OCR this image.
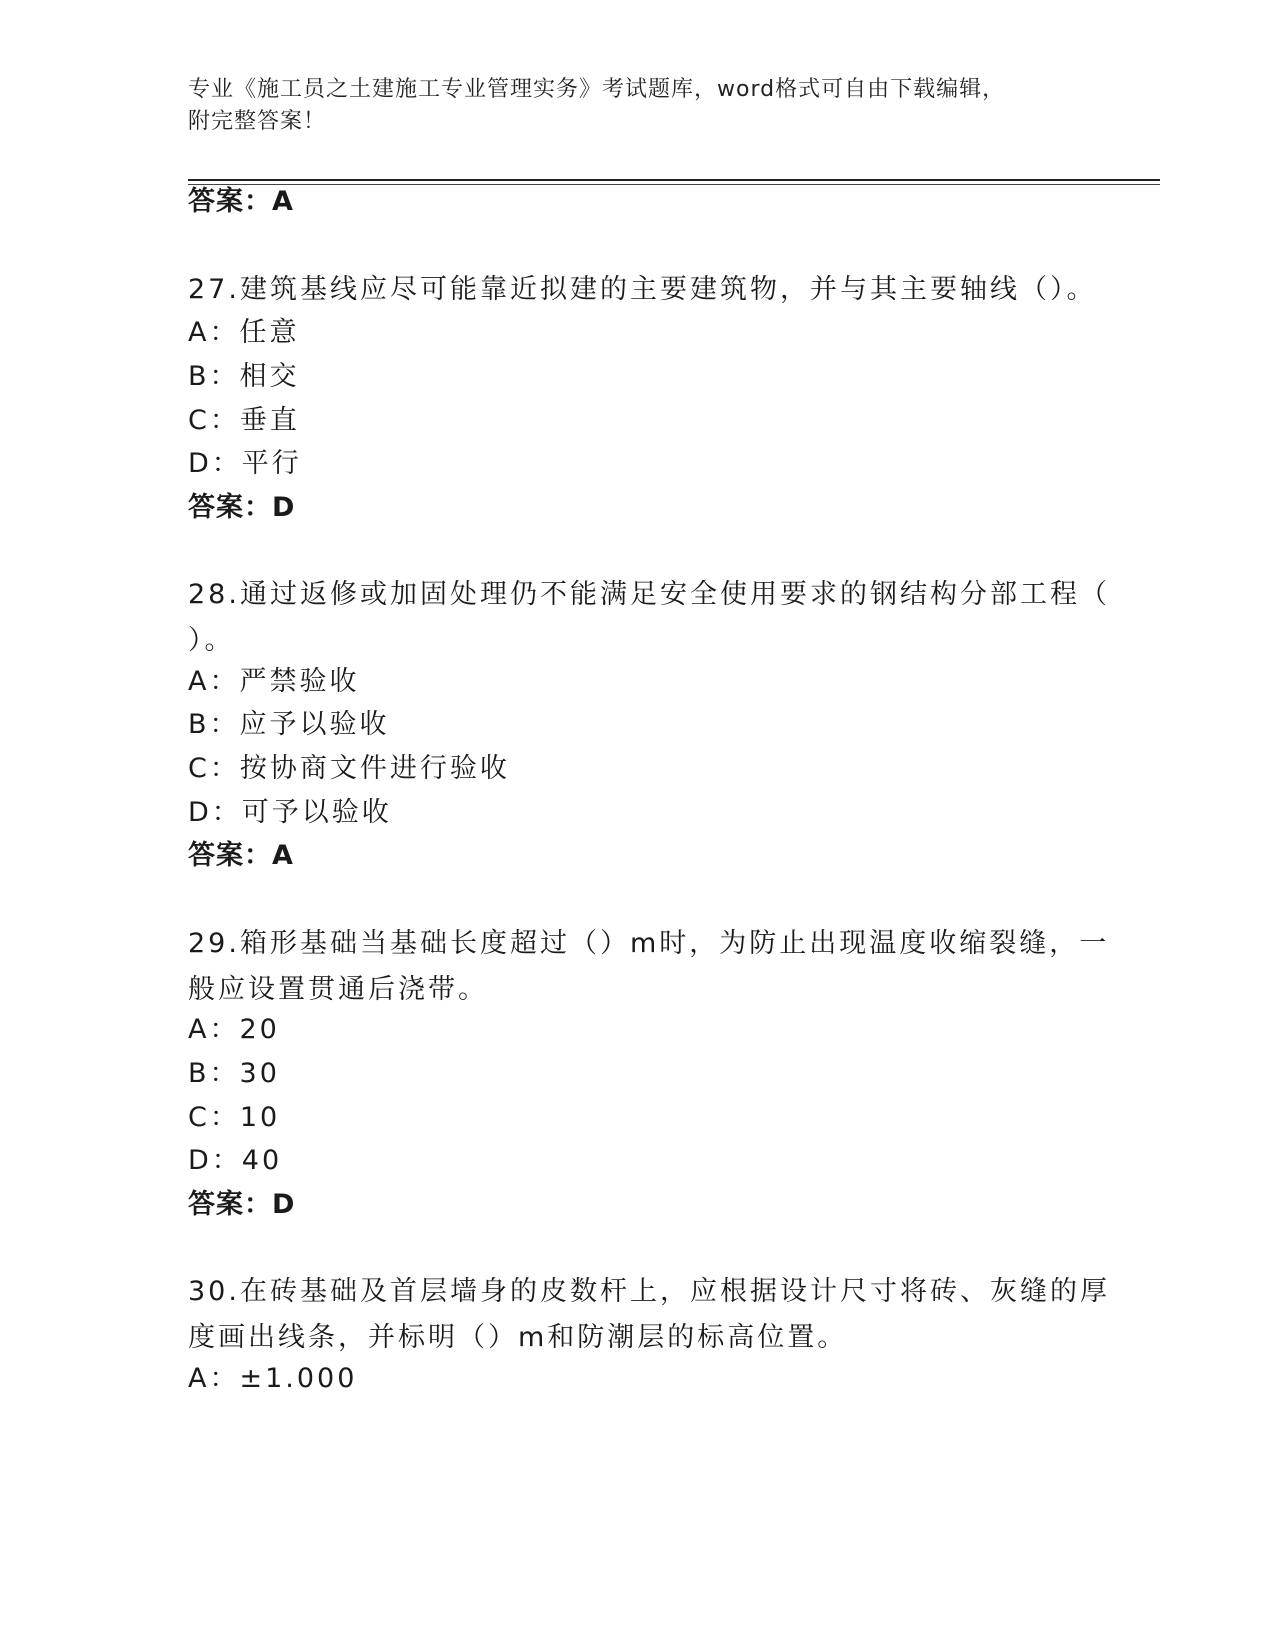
专业《施工员之土建施工专业管理实务》考试题库，word格式可自由下载编辑，
附完整答案！
答案：A
27.建筑基线应尽可能靠近拟建的主要建筑物，并与其主要轴线（）。
A：任意
B：相交
C：垂直
D：平行
答案：D
28.通过返修或加固处理仍不能满足安全使用要求的钢结构分部工程（
）。
A：严禁验收
B：应予以验收
C：按协商文件进行验收
D：可予以验收
答案：A
29.箱形基础当基础长度超过（）m时，为防止出现温度收缩裂缝，一
般应设置贯通后浇带。
A：20
B：30
C：10
D：40
答案：D
30.在砖基础及首层墙身的皮数杆上，应根据设计尺寸将砖、灰缝的厚
度画出线条，并标明（）m和防潮层的标高位置。
A：±1.000
